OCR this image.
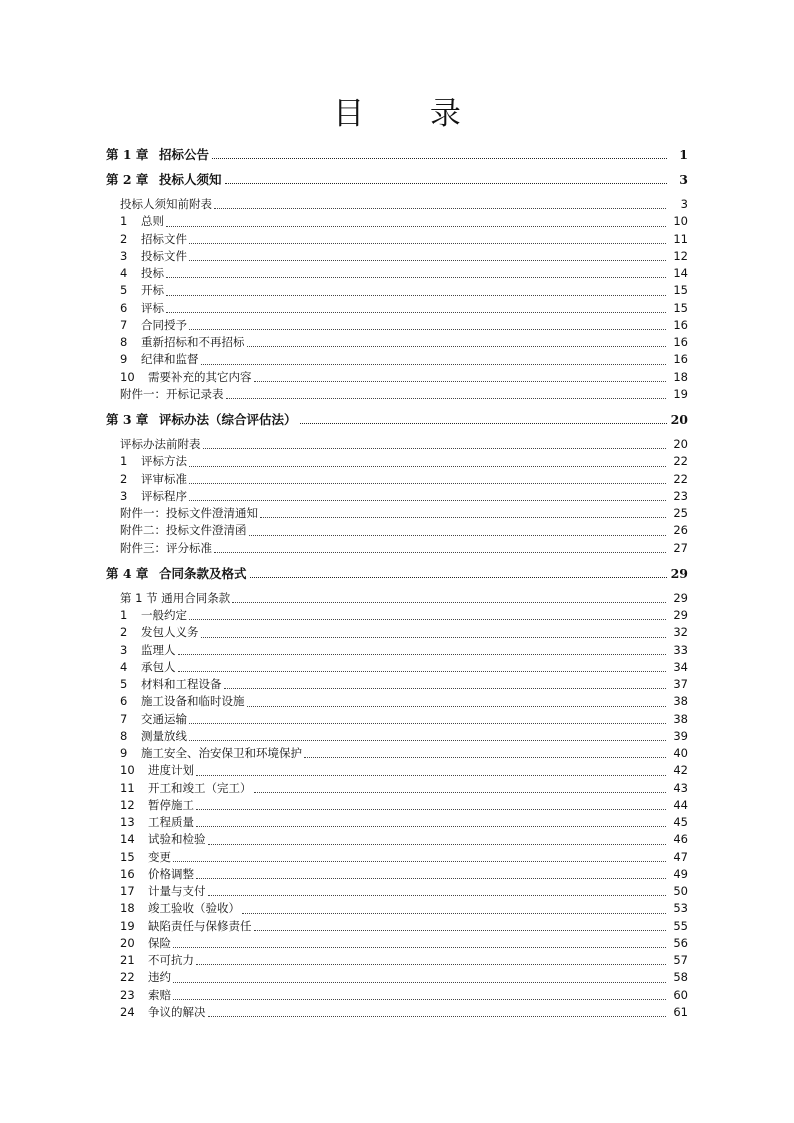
目 录
第 1 章 招标公告	1
第 2 章 投标人须知	3
投标人须知前附表	3
1	总则	10
2	招标文件	11
3	投标文件	12
4	投标	14
5	开标	15
6	评标	15
7	合同授予	16
8	重新招标和不再招标	16
9	纪律和监督	16
10	需要补充的其它内容	18
附件一：开标记录表	19
第 3 章 评标办法（综合评估法）	20
评标办法前附表	20
1	评标方法	22
2	评审标准	22
3	评标程序	23
附件一：投标文件澄清通知	25
附件二：投标文件澄清函	26
附件三：评分标准	27
第 4 章 合同条款及格式	29
第 1 节 通用合同条款	29
1	一般约定	29
2	发包人义务	32
3	监理人	33
4	承包人	34
5	材料和工程设备	37
6	施工设备和临时设施	38
7	交通运输	38
8	测量放线	39
9	施工安全、治安保卫和环境保护	40
10	进度计划	42
11	开工和竣工（完工）	43
12	暂停施工	44
13	工程质量	45
14	试验和检验	46
15	变更	47
16	价格调整	49
17	计量与支付	50
18	竣工验收（验收）	53
19	缺陷责任与保修责任	55
20	保险	56
21	不可抗力	57
22	违约	58
23	索赔	60
24	争议的解决	61
